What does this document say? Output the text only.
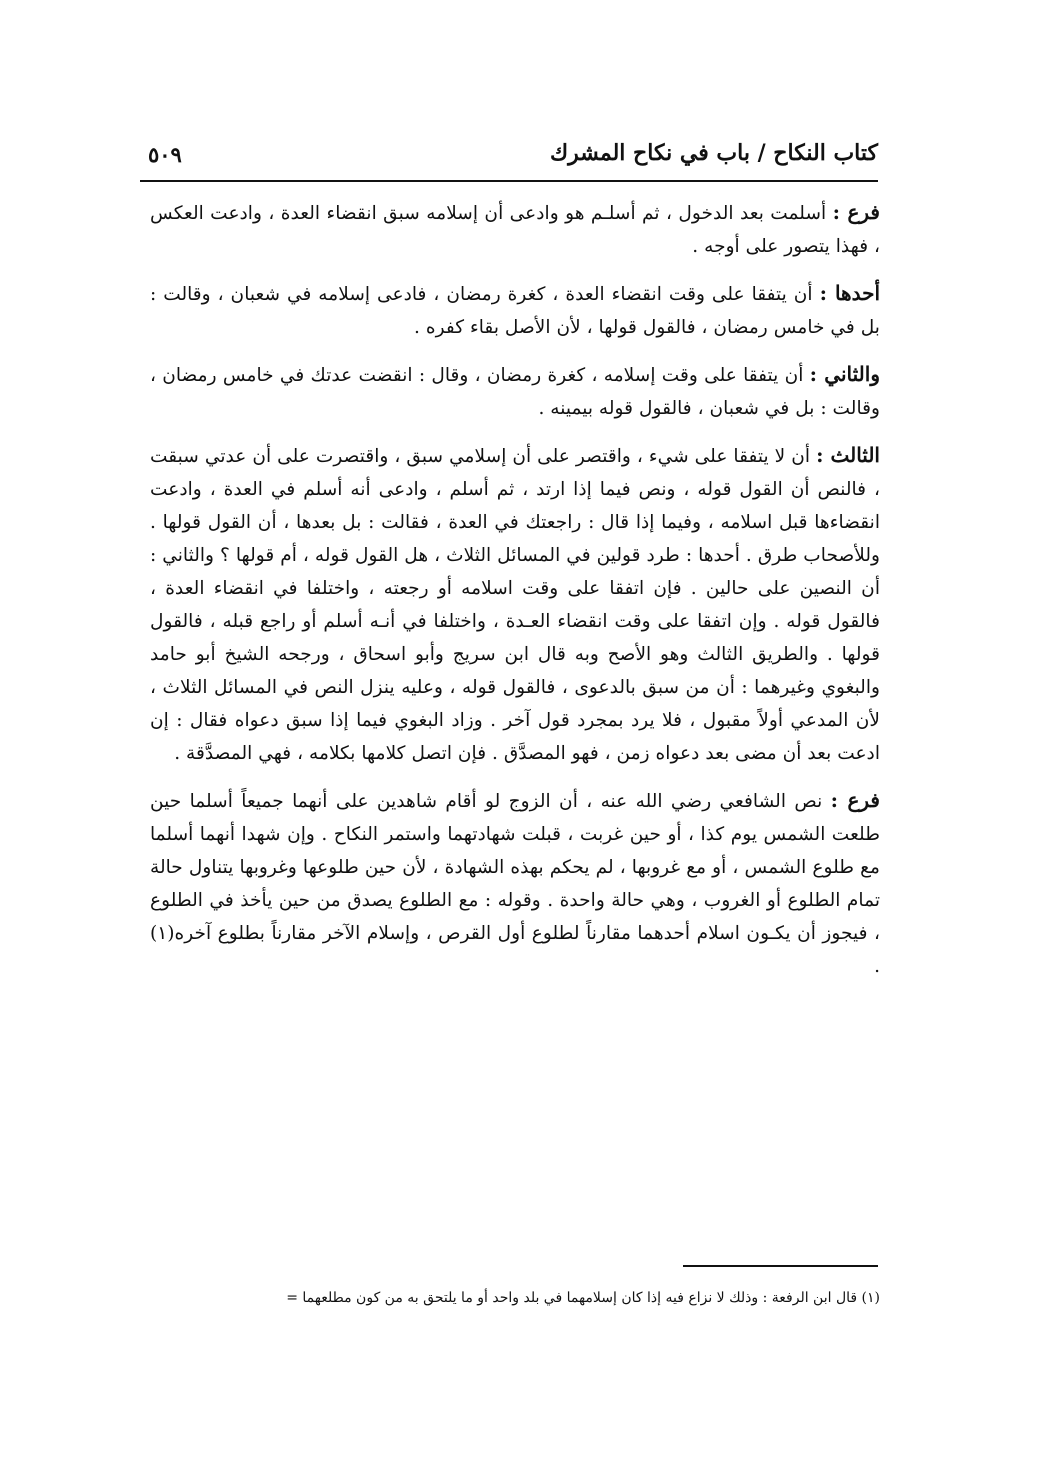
كتاب النكاح / باب في نكاح المشرك
٥٠٩

فرع : أسلمت بعد الدخول ، ثم أسلـم هو وادعى أن إسلامه سبق انقضاء العدة ، وادعت العكس ، فهذا يتصور على أوجه .

أحدها : أن يتفقا على وقت انقضاء العدة ، كغرة رمضان ، فادعى إسلامه في شعبان ، وقالت : بل في خامس رمضان ، فالقول قولها ، لأن الأصل بقاء كفره .

والثاني : أن يتفقا على وقت إسلامه ، كغرة رمضان ، وقال : انقضت عدتك في خامس رمضان ، وقالت : بل في شعبان ، فالقول قوله بيمينه .

الثالث : أن لا يتفقا على شيء ، واقتصر على أن إسلامي سبق ، واقتصرت على أن عدتي سبقت ، فالنص أن القول قوله ، ونص فيما إذا ارتد ، ثم أسلم ، وادعى أنه أسلم في العدة ، وادعت انقضاءها قبل اسلامه ، وفيما إذا قال : راجعتك في العدة ، فقالت : بل بعدها ، أن القول قولها . وللأصحاب طرق . أحدها : طرد قولين في المسائل الثلاث ، هل القول قوله ، أم قولها ؟ والثاني : أن النصين على حالين . فإن اتفقا على وقت اسلامه أو رجعته ، واختلفا في انقضاء العدة ، فالقول قوله . وإن اتفقا على وقت انقضاء العـدة ، واختلفا في أنـه أسلم أو راجع قبله ، فالقول قولها . والطريق الثالث وهو الأصح وبه قال ابن سريج وأبو اسحاق ، ورجحه الشيخ أبو حامد والبغوي وغيرهما : أن من سبق بالدعوى ، فالقول قوله ، وعليه ينزل النص في المسائل الثلاث ، لأن المدعي أولاً مقبول ، فلا يرد بمجرد قول آخر . وزاد البغوي فيما إذا سبق دعواه فقال : إن ادعت بعد أن مضى بعد دعواه زمن ، فهو المصدَّق . فإن اتصل كلامها بكلامه ، فهي المصدَّقة .

فرع : نص الشافعي رضي الله عنه ، أن الزوج لو أقام شاهدين على أنهما جميعاً أسلما حين طلعت الشمس يوم كذا ، أو حين غربت ، قبلت شهادتهما واستمر النكاح . وإن شهدا أنهما أسلما مع طلوع الشمس ، أو مع غروبها ، لم يحكم بهذه الشهادة ، لأن حين طلوعها وغروبها يتناول حالة تمام الطلوع أو الغروب ، وهي حالة واحدة . وقوله : مع الطلوع يصدق من حين يأخذ في الطلوع ، فيجوز أن يكـون اسلام أحدهما مقارناً لطلوع أول القرص ، وإسلام الآخر مقارناً بطلوع آخره(١) .

(١) قال ابن الرفعة : وذلك لا نزاع فيه إذا كان إسلامهما في بلد واحد أو ما يلتحق به من كون مطلعهما =
